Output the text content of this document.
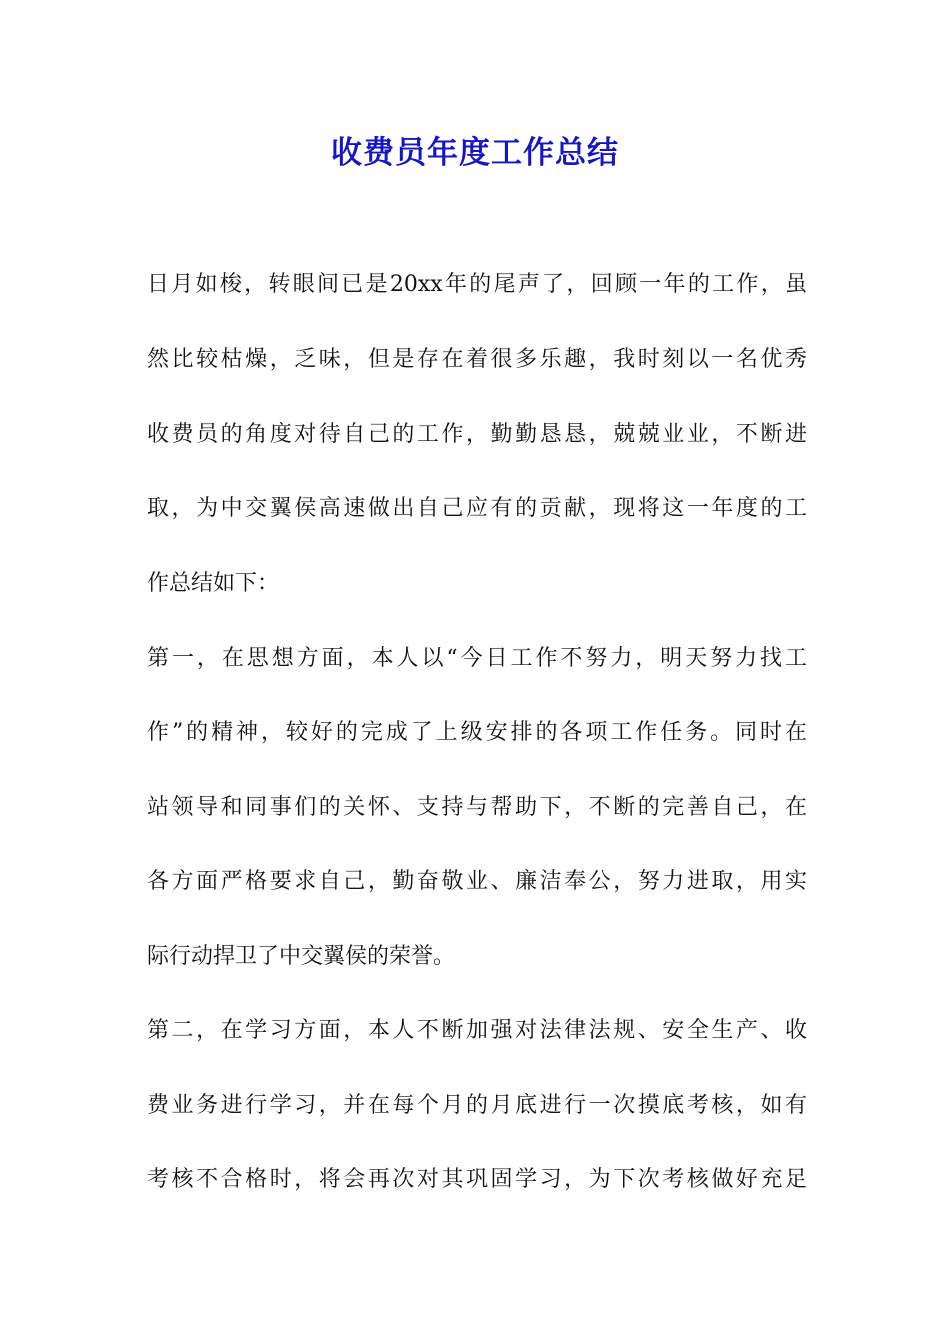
收费员年度工作总结
日月如梭，转眼间已是20xx年的尾声了，回顾一年的工作，虽
然比较枯燥，乏味，但是存在着很多乐趣，我时刻以一名优秀
收费员的角度对待自己的工作，勤勤恳恳，兢兢业业，不断进
取，为中交翼侯高速做出自己应有的贡献，现将这一年度的工
作总结如下：
第一，在思想方面，本人以“今日工作不努力，明天努力找工
作”的精神，较好的完成了上级安排的各项工作任务。同时在
站领导和同事们的关怀、支持与帮助下，不断的完善自己，在
各方面严格要求自己，勤奋敬业、廉洁奉公，努力进取，用实
际行动捍卫了中交翼侯的荣誉。
第二，在学习方面，本人不断加强对法律法规、安全生产、收
费业务进行学习，并在每个月的月底进行一次摸底考核，如有
考核不合格时，将会再次对其巩固学习，为下次考核做好充足
